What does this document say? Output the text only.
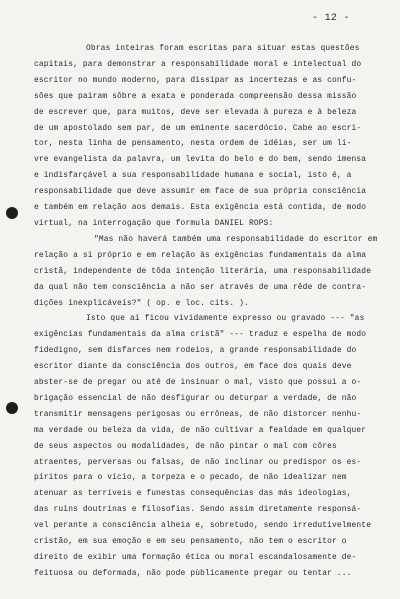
- 12 -
Obras inteiras foram escritas para situar estas questões
capitais, para demonstrar a responsabilidade moral e intelectual do
escritor no mundo moderno, para dissipar as incertezas e as confu-
sões que pairam sôbre a exata e ponderada compreensão dessa missão
de escrever que, para muitos, deve ser elevada à pureza e à beleza
de um apostolado sem par, de um eminente sacerdócio. Cabe ao escri-
tor, nesta linha de pensamento, nesta ordem de idéias, ser um li-
vre evangelista da palavra, um levita do belo e do bem, sendo imensa
e indisfarçável a sua responsabilidade humana e social, isto é, a
responsabilidade que deve assumir em face de sua própria consciência
e também em relação aos demais. Esta exigência está contida, de modo
virtual, na interrogação que formula DANIEL ROPS:
"Mas não haverá também uma responsabilidade do escritor em
relação a si próprio e em relação às exigências fundamentais da alma
cristã, independente de tôda intenção literária, uma responsabilidade
da qual não tem consciência a não ser através de uma rêde de contra-
dições inexplicáveis?" ( op. e loc. cits. ).
Isto que aí ficou vividamente expresso ou gravado --- "as
exigências fundamentais da alma cristã" --- traduz e espelha de modo
fidedigno, sem disfarces nem rodeios, a grande responsabilidade do
escritor diante da consciência dos outros, em face dos quais deve
abster-se de pregar ou até de insinuar o mal, visto que possui a o-
brigação essencial de não desfigurar ou deturpar a verdade, de não
transmitir mensagens perigosas ou errôneas, de não distorcer nenhu-
ma verdade ou beleza da vida, de não cultivar a fealdade em qualquer
de seus aspectos ou modalidades, de não pintar o mal com côres
atraentes, perversas ou falsas, de não inclinar ou predispor os es-
píritos para o vício, a torpeza e o pecado, de não idealizar nem
atenuar as terríveis e funestas consequências das más ideologias,
das ruins doutrinas e filosofias. Sendo assim diretamente responsá-
vel perante a consciência alheia e, sobretudo, sendo irredutivelmente
cristão, em sua emoção e em seu pensamento, não tem o escritor o
direito de exibir uma formação ética ou moral escandalosamente de-
feituosa ou deformada, não pode pùblicamente pregar ou tentar ...
